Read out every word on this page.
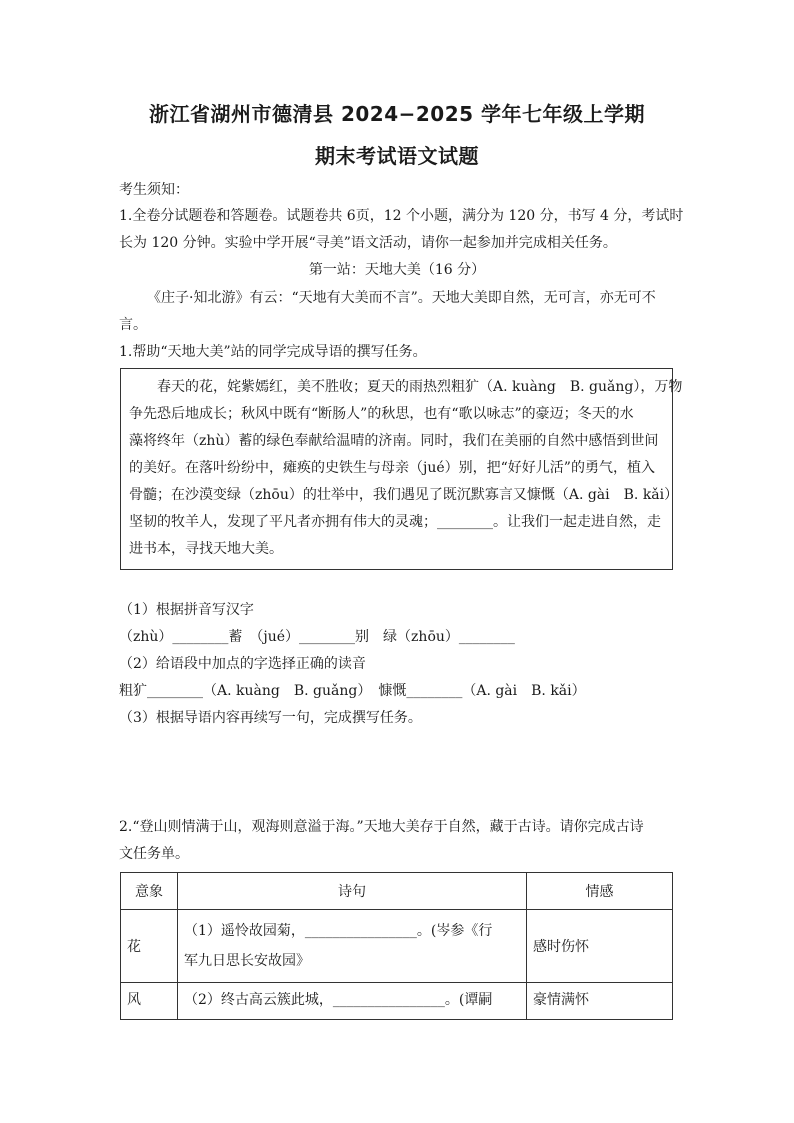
浙江省湖州市德清县 2024−2025 学年七年级上学期
期末考试语文试题
考生须知：
1.全卷分试题卷和答题卷。试题卷共 6页，12 个小题，满分为 120 分，书写 4 分，考试时
长为 120 分钟。实验中学开展“寻美”语文活动，请你一起参加并完成相关任务。
第一站：天地大美（16 分）
《庄子·知北游》有云：“天地有大美而不言”。天地大美即自然，无可言，亦无可不
言。
1.帮助“天地大美”站的同学完成导语的撰写任务。
春天的花，姹紫嫣红，美不胜收；夏天的雨热烈粗犷（A. kuàng　B. guǎng），万物
争先恐后地成长；秋风中既有“断肠人”的秋思，也有“歌以咏志”的豪迈；冬天的水
藻将终年（zhù）蓄的绿色奉献给温晴的济南。同时，我们在美丽的自然中感悟到世间
的美好。在落叶纷纷中，瘫痪的史铁生与母亲（jué）别，把“好好儿活”的勇气，植入
骨髓；在沙漠变绿（zhōu）的壮举中，我们遇见了既沉默寡言又慷慨（A. gài　B. kǎi）
坚韧的牧羊人，发现了平凡者亦拥有伟大的灵魂；________。让我们一起走进自然，走
进书本，寻找天地大美。
（1）根据拼音写汉字
（zhù）________蓄　（jué）________别　绿（zhōu）________
（2）给语段中加点的字选择正确的读音
粗犷________（A. kuàng　B. guǎng）　慷慨________（A. gài　B. kǎi）
（3）根据导语内容再续写一句，完成撰写任务。
2.“登山则情满于山，观海则意溢于海。”天地大美存于自然，藏于古诗。请你完成古诗
文任务单。
意象	诗句	情感
花	（1）遥怜故园菊，________________。(岑参《行
军九日思长安故园》	感时伤怀
风	（2）终古高云簇此城，________________。(谭嗣	豪情满怀
